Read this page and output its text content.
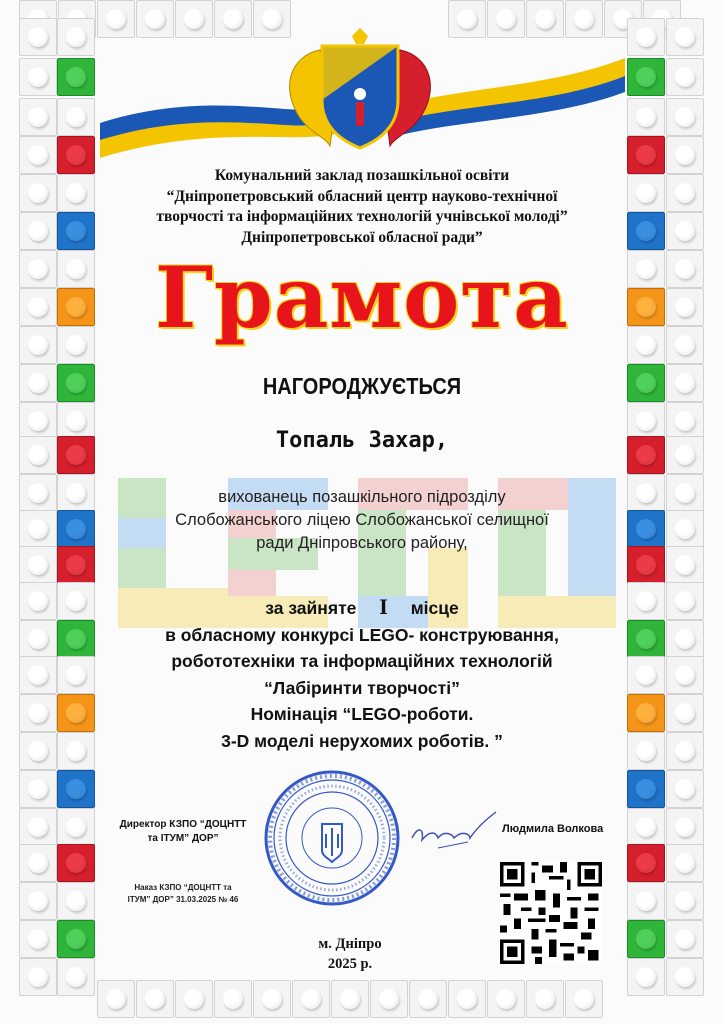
Комунальний заклад позашкільної освіти
“Дніпропетровський обласний центр науково-технічної
творчості та інформаційних технологій учнівської молоді”
Дніпропетровської обласної ради”
Грамота
НАГОРОДЖУЄТЬСЯ
Топаль Захар,
вихованець позашкільного підрозділу
Слобожанського ліцею Слобожанської селищної
ради Дніпровського району,
за зайняте І місце
в обласному конкурсі LEGO- конструювання,
робототехніки та інформаційних технологій
“Лабіринти творчості”
Номінація “LEGO-роботи.
3-D моделі нерухомих роботів. ”
Директор КЗПО “ДОЦНТТ
та ІТУМ” ДОР”
Наказ КЗПО “ДОЦНТТ та
ІТУМ” ДОР” 31.03.2025 № 46
Людмила Волкова
м. Дніпро
2025 р.
